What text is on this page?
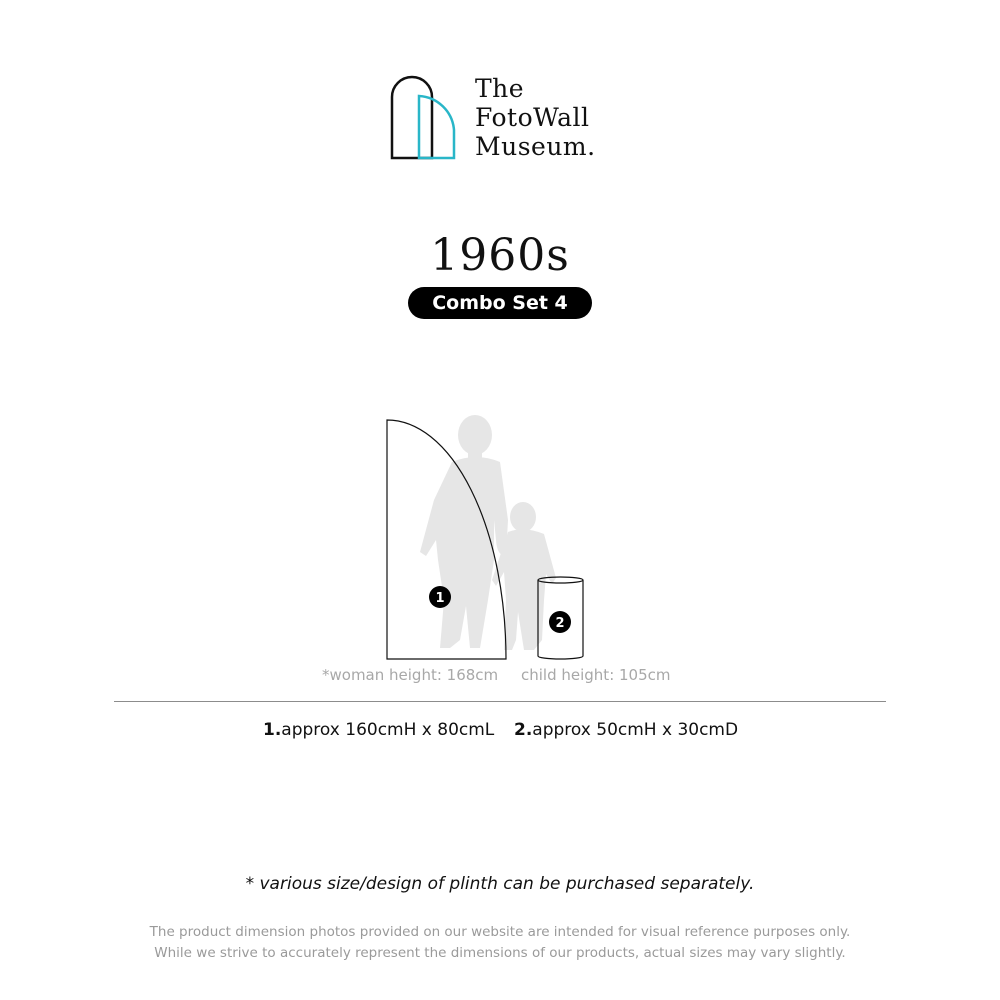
The
FotoWall
Museum.
1960s
Combo Set 4
1
2
*woman height: 168cm child height: 105cm
1.approx 160cmH x 80cmL 2.approx 50cmH x 30cmD
* various size/design of plinth can be purchased separately.
The product dimension photos provided on our website are intended for visual reference purposes only.
While we strive to accurately represent the dimensions of our products, actual sizes may vary slightly.
